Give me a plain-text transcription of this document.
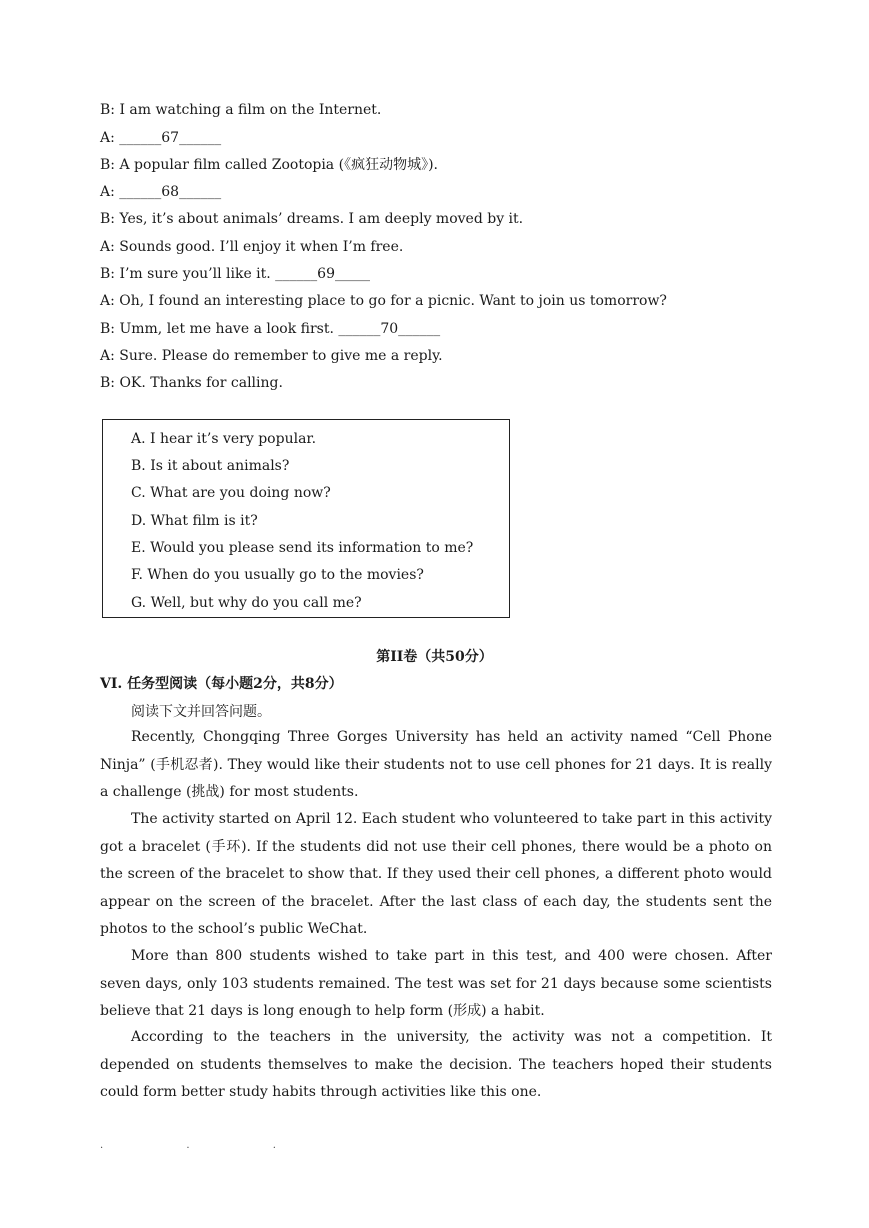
B: I am watching a film on the Internet.
A: ______67______
B: A popular film called Zootopia (《疯狂动物城》).
A: ______68______
B: Yes, it’s about animals’ dreams. I am deeply moved by it.
A: Sounds good. I’ll enjoy it when I’m free.
B: I’m sure you’ll like it. ______69_____
A: Oh, I found an interesting place to go for a picnic. Want to join us tomorrow?
B: Umm, let me have a look first. ______70______
A: Sure. Please do remember to give me a reply.
B: OK. Thanks for calling.
A. I hear it’s very popular.
B. Is it about animals?
C. What are you doing now?
D. What film is it?
E. Would you please send its information to me?
F. When do you usually go to the movies?
G. Well, but why do you call me?
第II卷（共50分）
VI. 任务型阅读（每小题2分，共8分）
阅读下文并回答问题。
Recently, Chongqing Three Gorges University has held an activity named “Cell Phone Ninja” (手机忍者). They would like their students not to use cell phones for 21 days. It is really a challenge (挑战) for most students.
The activity started on April 12. Each student who volunteered to take part in this activity got a bracelet (手环). If the students did not use their cell phones, there would be a photo on the screen of the bracelet to show that. If they used their cell phones, a different photo would appear on the screen of the bracelet. After the last class of each day, the students sent the photos to the school’s public WeChat.
More than 800 students wished to take part in this test, and 400 were chosen. After seven days, only 103 students remained. The test was set for 21 days because some scientists believe that 21 days is long enough to help form (形成) a habit.
According to the teachers in the university, the activity was not a competition. It depended on students themselves to make the decision. The teachers hoped their students could form better study habits through activities like this one.
. . .
